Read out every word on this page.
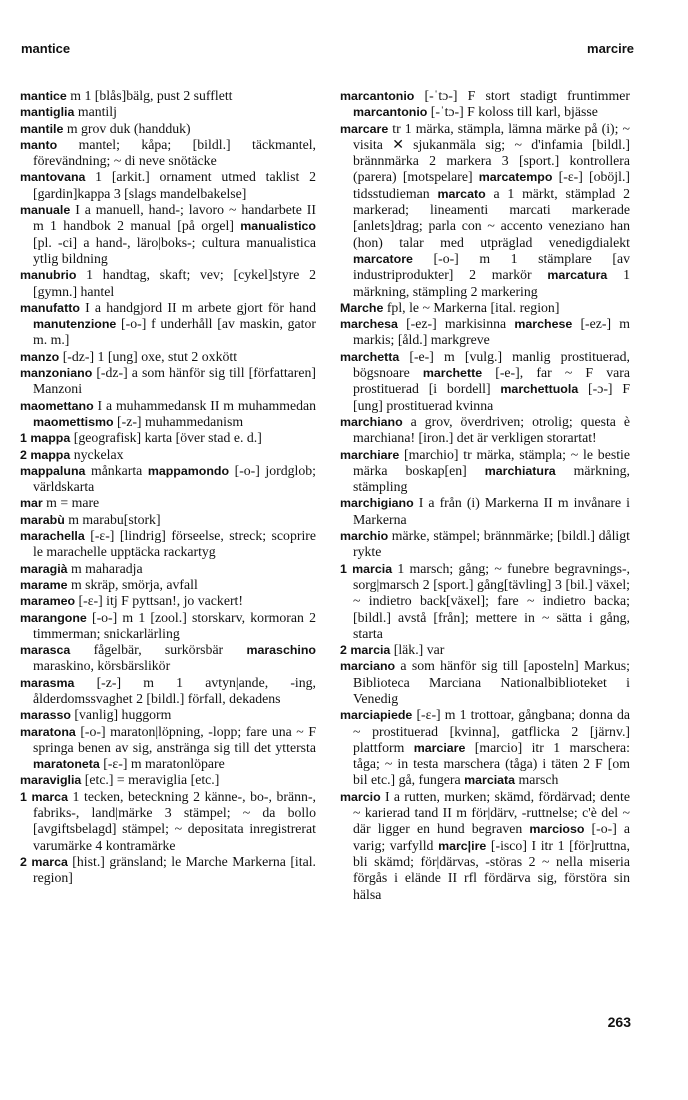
mantice	marcire

mantice m 1 [blås]bälg, pust 2 sufflett

mantiglia mantilj

mantile m grov duk (handduk)

manto mantel; kåpa; [bildl.] täckmantel, förevändning; ~ di neve snötäcke

mantovana 1 [arkit.] ornament utmed taklist 2 [gardin]kappa 3 [slags mandelbakelse]

manuale I a manuell, hand-; lavoro ~ handarbete II m 1 handbok 2 manual [på orgel] manualistico [pl. -ci] a hand-, lärо|boks-; cultura manualistica ytlig bildning

manubrio 1 handtag, skaft; vev; [cykel]styre 2 [gymn.] hantel

manufatto I a handgjord II m arbete gjort för hand manutenzione [-o-] f underhåll [av maskin, gator m. m.]

manzo [-dz-] 1 [ung] oxe, stut 2 oxkött

manzoniano [-dz-] a som hänför sig till [författaren] Manzoni

maomettano I a muhammedansk II m muhammedan maomettismo [-z-] muhammedanism

1 mappa [geografisk] karta [över stad e. d.]

2 mappa nyckelax

mappaluna månkarta mappamondo [-o-] jordglob; världskarta

mar m = mare

marabù m marabu[stork]

marachella [-ɛ-] [lindrig] förseelse, streck; scoprire le marachelle upptäcka rackartyg

maragià m maharadja

marame m skräp, smörja, avfall

marameo [-ɛ-] itj F pyttsan!, jo vackert!

marangone [-o-] m 1 [zool.] storskarv, kormoran 2 timmerman; snickarlärling

marasca fågelbär, surkörsbär maraschino maraskino, körsbärslikör

marasma [-z-] m 1 avtyn|ande, -ing, ålderdomssvaghet 2 [bildl.] förfall, dekadens

marasso [vanlig] huggorm

maratona [-o-] maraton|löpning, -lopp; fare una ~ F springa benen av sig, anstränga sig till det yttersta maratoneta [-ɛ-] m maratonlöpare

maraviglia [etc.] = meraviglia [etc.]

1 marca 1 tecken, beteckning 2 känne-, bo-, bränn-, fabriks-, land|märke 3 stämpel; ~ da bollo [avgiftsbelagd] stämpel; ~ depositata inregistrerat varumärke 4 kontramärke

2 marca [hist.] gränsland; le Marche Markerna [ital. region]

marcantonio [-ˈtɔ-] F stort stadigt fruntimmer marcantonio [-ˈtɔ-] F koloss till karl, bjässe

marcare tr 1 märka, stämpla, lämna märke på (i); ~ visita ✕ sjukanmäla sig; ~ d'infamia [bildl.] brännmärka 2 markera 3 [sport.] kontrollera (parera) [motspelare] marcatempo [-ɛ-] [oböjl.] tidsstudieman marcato a 1 märkt, stämplad 2 markerad; lineamenti marcati markerade [anlets]drag; parla con ~ accento veneziano han (hon) talar med utpräglad venedigdialekt marcatore [-o-] m 1 stämplare [av industriprodukter] 2 markör marcatura 1 märkning, stämpling 2 markering

Marche fpl, le ~ Markerna [ital. region]

marchesa [-ez-] markisinna marchese [-ez-] m markis; [åld.] markgreve

marchetta [-e-] m [vulg.] manlig prostituerad, bögsnoare marchette [-e-], far ~ F vara prostituerad [i bordell] marchettuola [-ɔ-] F [ung] prostituerad kvinna

marchiano a grov, överdriven; otrolig; questa è marchiana! [iron.] det är verkligen storartat!

marchiare [marchio] tr märka, stämpla; ~ le bestie märka boskap[en] marchiatura märkning, stämpling

marchigiano I a från (i) Markerna II m invånare i Markerna

marchio märke, stämpel; brännmärke; [bildl.] dåligt rykte

1 marcia 1 marsch; gång; ~ funebre begravnings-, sorg|marsch 2 [sport.] gång[tävling] 3 [bil.] växel; ~ indietro back[växel]; fare ~ indietro backa; [bildl.] avstå [från]; mettere in ~ sätta i gång, starta

2 marcia [läk.] var

marciano a som hänför sig till [aposteln] Markus; Biblioteca Marciana Nationalbiblioteket i Venedig

marciapiede [-ɛ-] m 1 trottoar, gångbana; donna da ~ prostituerad [kvinna], gatflicka 2 [järnv.] plattform marciare [marcio] itr 1 marschera: tåga; ~ in testa marschera (tåga) i täten 2 F [om bil etc.] gå, fungera marciata marsch

marcio I a rutten, murken; skämd, fördärvad; dente ~ karierad tand II m för|därv, -ruttnelse; c'è del ~ där ligger en hund begraven marcioso [-o-] a varig; varfylld marc|ire [-isco] I itr 1 [för]ruttna, bli skämd; för|därvas, -störas 2 ~ nella miseria förgås i elände II rfl fördärva sig, förstöra sin hälsa

263
